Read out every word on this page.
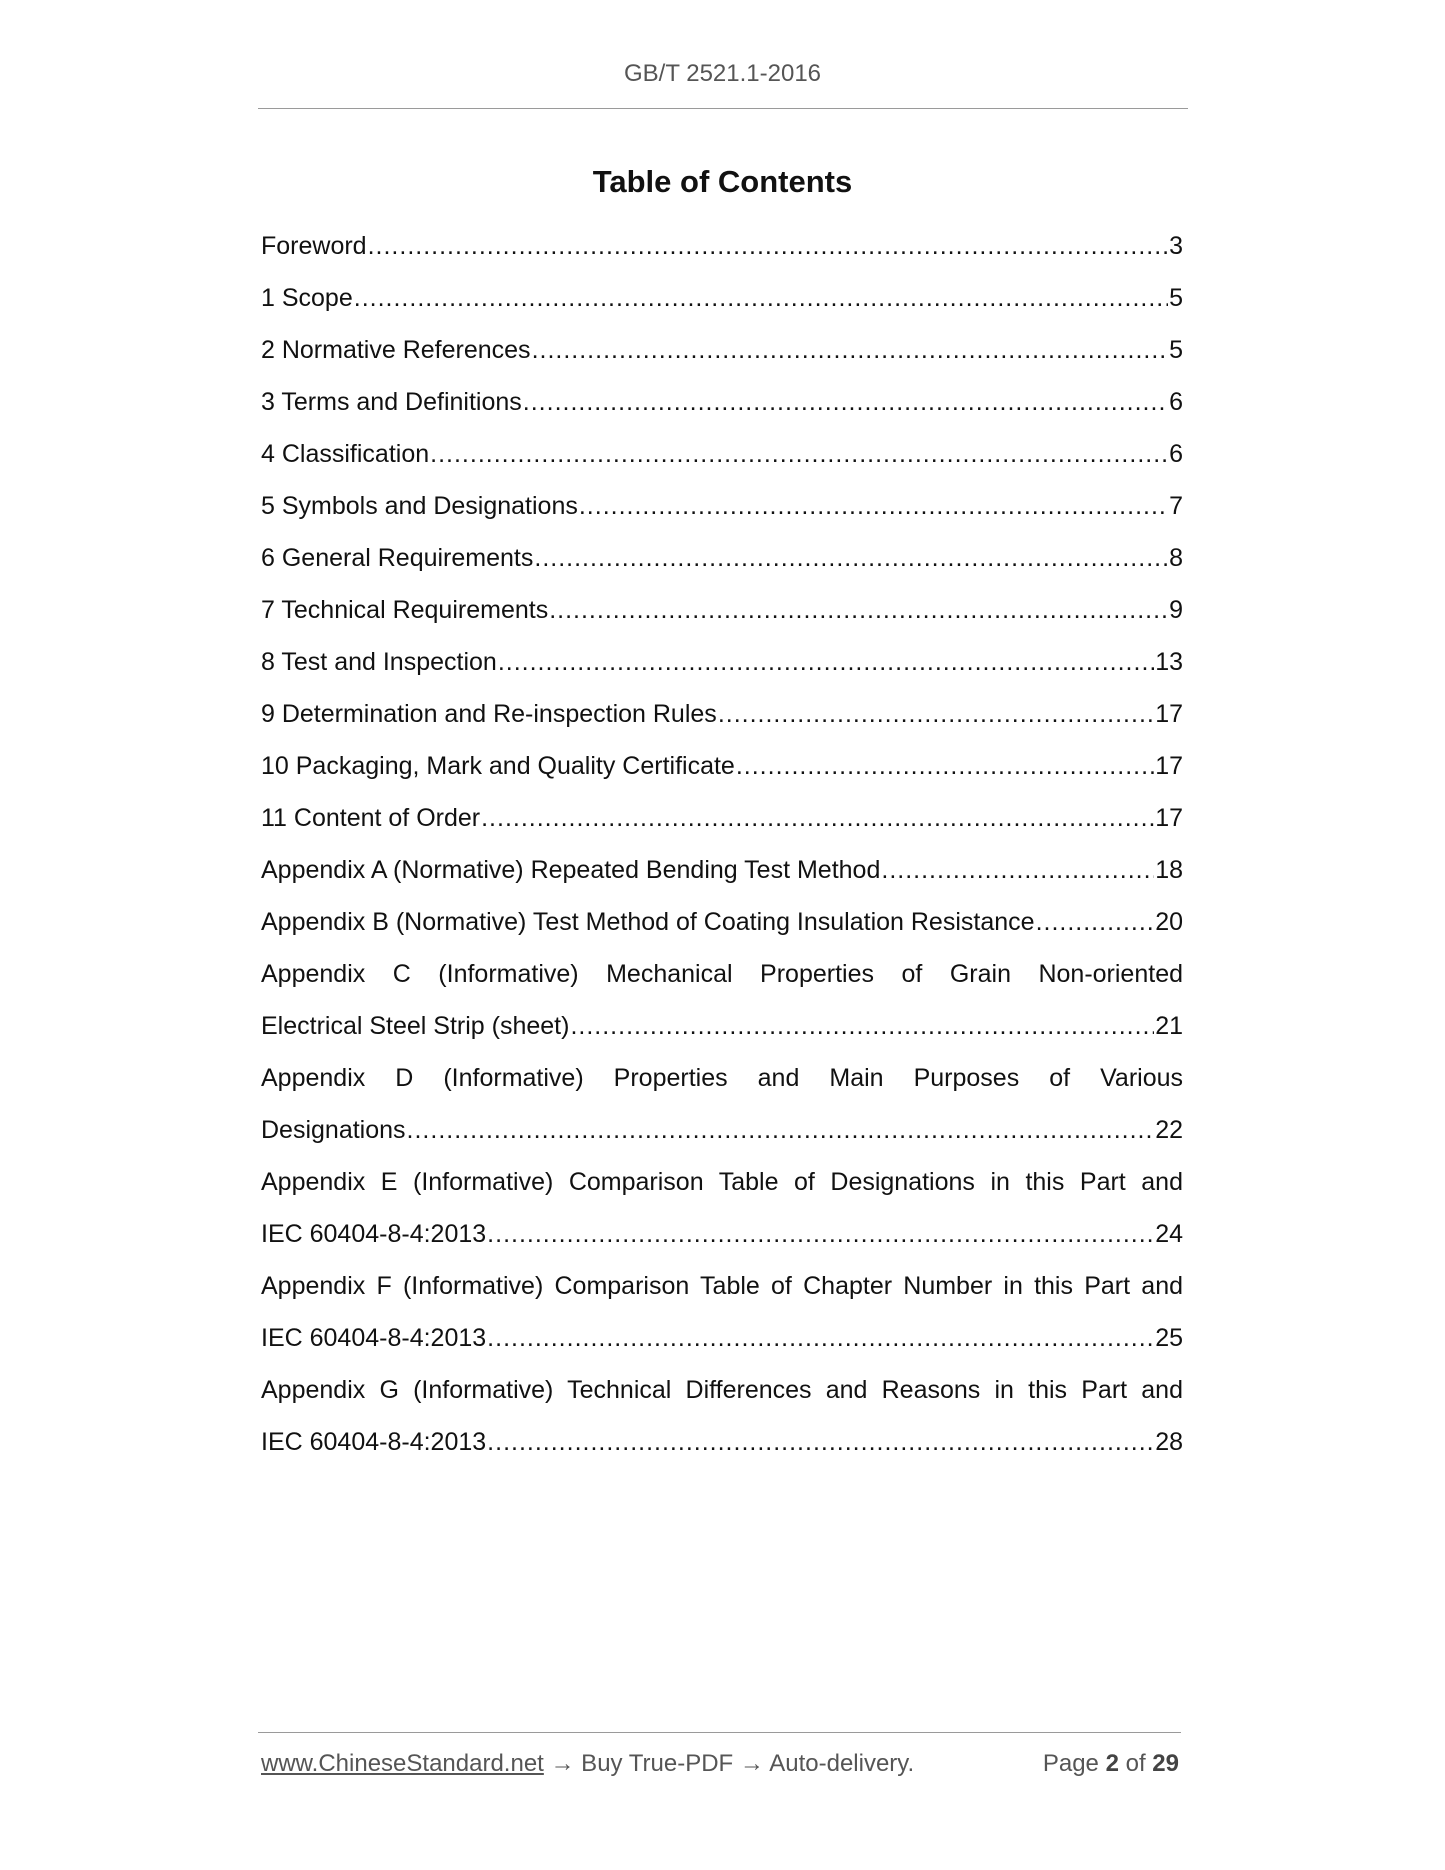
GB/T 2521.1-2016
Table of Contents
Foreword .....	3
1 Scope .....	5
2 Normative References .....	5
3 Terms and Definitions .....	6
4 Classification .....	6
5 Symbols and Designations .....	7
6 General Requirements .....	8
7 Technical Requirements .....	9
8 Test and Inspection .....	13
9 Determination and Re-inspection Rules .....	17
10 Packaging, Mark and Quality Certificate .....	17
11 Content of Order .....	17
Appendix A (Normative) Repeated Bending Test Method .....	18
Appendix B (Normative) Test Method of Coating Insulation Resistance .....	20
Appendix C (Informative) Mechanical Properties of Grain Non-oriented
Electrical Steel Strip (sheet) .....	21
Appendix D (Informative) Properties and Main Purposes of Various
Designations .....	22
Appendix E (Informative) Comparison Table of Designations in this Part and
IEC 60404-8-4:2013 .....	24
Appendix F (Informative) Comparison Table of Chapter Number in this Part and
IEC 60404-8-4:2013 .....	25
Appendix G (Informative) Technical Differences and Reasons in this Part and
IEC 60404-8-4:2013 .....	28
www.ChineseStandard.net → Buy True-PDF → Auto-delivery.	Page 2 of 29
